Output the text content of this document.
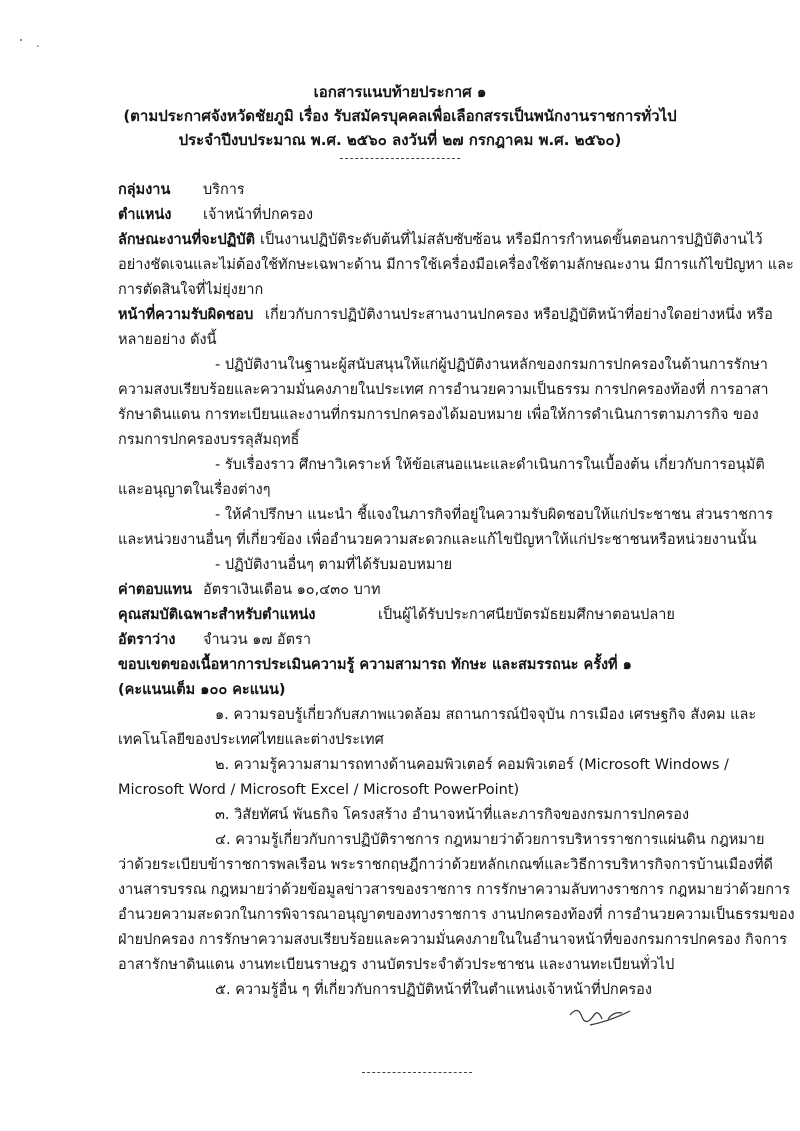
เอกสารแนบท้ายประกาศ ๑
(ตามประกาศจังหวัดชัยภูมิ เรื่อง รับสมัครบุคคลเพื่อเลือกสรรเป็นพนักงานราชการทั่วไป
ประจำปีงบประมาณ พ.ศ. ๒๕๖๐ ลงวันที่ ๒๗ กรกฎาคม พ.ศ. ๒๕๖๐)
กลุ่มงาน บริการ
ตำแหน่ง เจ้าหน้าที่ปกครอง
ลักษณะงานที่จะปฏิบัติ เป็นงานปฏิบัติระดับต้นที่ไม่สลับซับซ้อน หรือมีการกำหนดขั้นตอนการปฏิบัติงานไว้
อย่างชัดเจนและไม่ต้องใช้ทักษะเฉพาะด้าน มีการใช้เครื่องมือเครื่องใช้ตามลักษณะงาน มีการแก้ไขปัญหา และ
การตัดสินใจที่ไม่ยุ่งยาก
หน้าที่ความรับผิดชอบ เกี่ยวกับการปฏิบัติงานประสานงานปกครอง หรือปฏิบัติหน้าที่อย่างใดอย่างหนึ่ง หรือ
หลายอย่าง ดังนี้
- ปฏิบัติงานในฐานะผู้สนับสนุนให้แก่ผู้ปฏิบัติงานหลักของกรมการปกครองในด้านการรักษา
ความสงบเรียบร้อยและความมั่นคงภายในประเทศ การอำนวยความเป็นธรรม การปกครองท้องที่ การอาสา
รักษาดินแดน การทะเบียนและงานที่กรมการปกครองได้มอบหมาย เพื่อให้การดำเนินการตามภารกิจ ของ
กรมการปกครองบรรลุสัมฤทธิ์
- รับเรื่องราว ศึกษาวิเคราะห์ ให้ข้อเสนอแนะและดำเนินการในเบื้องต้น เกี่ยวกับการอนุมัติ
และอนุญาตในเรื่องต่างๆ
- ให้คำปรึกษา แนะนำ ชี้แจงในภารกิจที่อยู่ในความรับผิดชอบให้แก่ประชาชน ส่วนราชการ
และหน่วยงานอื่นๆ ที่เกี่ยวข้อง เพื่ออำนวยความสะดวกและแก้ไขปัญหาให้แก่ประชาชนหรือหน่วยงานนั้น
- ปฏิบัติงานอื่นๆ ตามที่ได้รับมอบหมาย
ค่าตอบแทน อัตราเงินเดือน ๑๐,๔๓๐ บาท
คุณสมบัติเฉพาะสำหรับตำแหน่ง	เป็นผู้ได้รับประกาศนียบัตรมัธยมศึกษาตอนปลาย
อัตราว่าง จำนวน ๑๗ อัตรา
ขอบเขตของเนื้อหาการประเมินความรู้ ความสามารถ ทักษะ และสมรรถนะ ครั้งที่ ๑
(คะแนนเต็ม ๑๐๐ คะแนน)
๑. ความรอบรู้เกี่ยวกับสภาพแวดล้อม สถานการณ์ปัจจุบัน การเมือง เศรษฐกิจ สังคม และ
เทคโนโลยีของประเทศไทยและต่างประเทศ
๒. ความรู้ความสามารถทางด้านคอมพิวเตอร์ คอมพิวเตอร์ (Microsoft Windows /
Microsoft Word / Microsoft Excel / Microsoft PowerPoint)
๓. วิสัยทัศน์ พันธกิจ โครงสร้าง อำนาจหน้าที่และภารกิจของกรมการปกครอง
๔. ความรู้เกี่ยวกับการปฏิบัติราชการ กฎหมายว่าด้วยการบริหารราชการแผ่นดิน กฎหมาย
ว่าด้วยระเบียบข้าราชการพลเรือน พระราชกฤษฎีกาว่าด้วยหลักเกณฑ์และวิธีการบริหารกิจการบ้านเมืองที่ดี
งานสารบรรณ กฎหมายว่าด้วยข้อมูลข่าวสารของราชการ การรักษาความลับทางราชการ กฎหมายว่าด้วยการ
อำนวยความสะดวกในการพิจารณาอนุญาตของทางราชการ งานปกครองท้องที่ การอำนวยความเป็นธรรมของ
ฝ่ายปกครอง การรักษาความสงบเรียบร้อยและความมั่นคงภายในในอำนาจหน้าที่ของกรมการปกครอง กิจการ
อาสารักษาดินแดน งานทะเบียนราษฎร งานบัตรประจำตัวประชาชน และงานทะเบียนทั่วไป
๕. ความรู้อื่น ๆ ที่เกี่ยวกับการปฏิบัติหน้าที่ในตำแหน่งเจ้าหน้าที่ปกครอง
